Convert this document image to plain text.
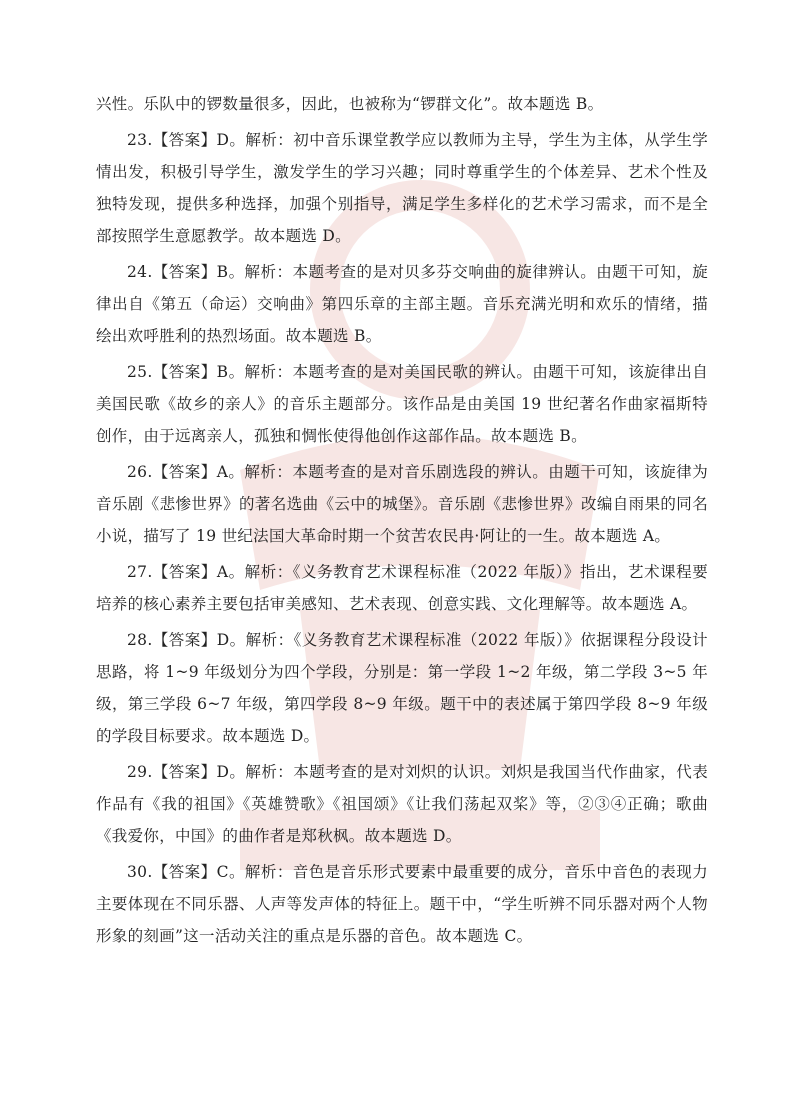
兴性。乐队中的锣数量很多，因此，也被称为“锣群文化”。故本题选 B。

23.【答案】D。解析：初中音乐课堂教学应以教师为主导，学生为主体，从学生学情出发，积极引导学生，激发学生的学习兴趣；同时尊重学生的个体差异、艺术个性及独特发现，提供多种选择，加强个别指导，满足学生多样化的艺术学习需求，而不是全部按照学生意愿教学。故本题选 D。

24.【答案】B。解析：本题考查的是对贝多芬交响曲的旋律辨认。由题干可知，旋律出自《第五（命运）交响曲》第四乐章的主部主题。音乐充满光明和欢乐的情绪，描绘出欢呼胜利的热烈场面。故本题选 B。

25.【答案】B。解析：本题考查的是对美国民歌的辨认。由题干可知，该旋律出自美国民歌《故乡的亲人》的音乐主题部分。该作品是由美国 19 世纪著名作曲家福斯特创作，由于远离亲人，孤独和惆怅使得他创作这部作品。故本题选 B。

26.【答案】A。解析：本题考查的是对音乐剧选段的辨认。由题干可知，该旋律为音乐剧《悲惨世界》的著名选曲《云中的城堡》。音乐剧《悲惨世界》改编自雨果的同名小说，描写了 19 世纪法国大革命时期一个贫苦农民冉·阿让的一生。故本题选 A。

27.【答案】A。解析：《义务教育艺术课程标准（2022 年版）》指出，艺术课程要培养的核心素养主要包括审美感知、艺术表现、创意实践、文化理解等。故本题选 A。

28.【答案】D。解析：《义务教育艺术课程标准（2022 年版）》依据课程分段设计思路，将 1~9 年级划分为四个学段，分别是：第一学段 1~2 年级，第二学段 3~5 年级，第三学段 6~7 年级，第四学段 8~9 年级。题干中的表述属于第四学段 8~9 年级的学段目标要求。故本题选 D。

29.【答案】D。解析：本题考查的是对刘炽的认识。刘炽是我国当代作曲家，代表作品有《我的祖国》《英雄赞歌》《祖国颂》《让我们荡起双桨》等，②③④正确；歌曲《我爱你，中国》的曲作者是郑秋枫。故本题选 D。

30.【答案】C。解析：音色是音乐形式要素中最重要的成分，音乐中音色的表现力主要体现在不同乐器、人声等发声体的特征上。题干中，“学生听辨不同乐器对两个人物形象的刻画”这一活动关注的重点是乐器的音色。故本题选 C。
